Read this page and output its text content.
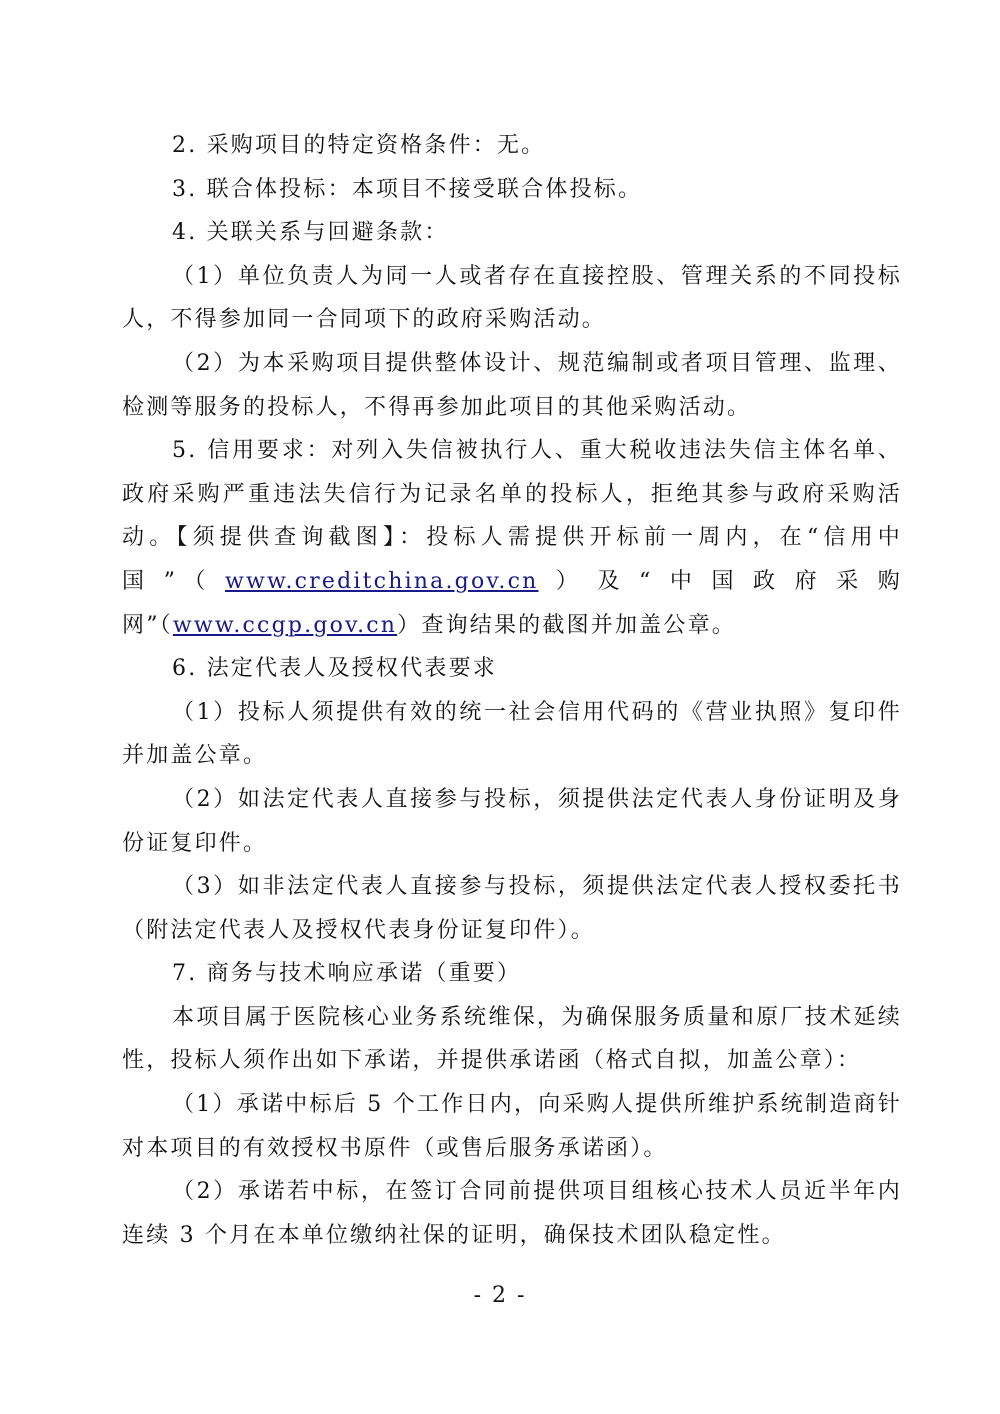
2. 采购项目的特定资格条件：无。

3. 联合体投标：本项目不接受联合体投标。

4. 关联关系与回避条款：

（1）单位负责人为同一人或者存在直接控股、管理关系的不同投标人，不得参加同一合同项下的政府采购活动。

（2）为本采购项目提供整体设计、规范编制或者项目管理、监理、检测等服务的投标人，不得再参加此项目的其他采购活动。

5. 信用要求：对列入失信被执行人、重大税收违法失信主体名单、政府采购严重违法失信行为记录名单的投标人，拒绝其参与政府采购活动。【须提供查询截图】：投标人需提供开标前一周内，在“信用中国”（www.creditchina.gov.cn）及“中国政府采购网”（www.ccgp.gov.cn）查询结果的截图并加盖公章。

6. 法定代表人及授权代表要求

（1）投标人须提供有效的统一社会信用代码的《营业执照》复印件并加盖公章。

（2）如法定代表人直接参与投标，须提供法定代表人身份证明及身份证复印件。

（3）如非法定代表人直接参与投标，须提供法定代表人授权委托书（附法定代表人及授权代表身份证复印件）。

7. 商务与技术响应承诺（重要）

本项目属于医院核心业务系统维保，为确保服务质量和原厂技术延续性，投标人须作出如下承诺，并提供承诺函（格式自拟，加盖公章）：

（1）承诺中标后 5 个工作日内，向采购人提供所维护系统制造商针对本项目的有效授权书原件（或售后服务承诺函）。

（2）承诺若中标，在签订合同前提供项目组核心技术人员近半年内连续 3 个月在本单位缴纳社保的证明，确保技术团队稳定性。

- 2 -
